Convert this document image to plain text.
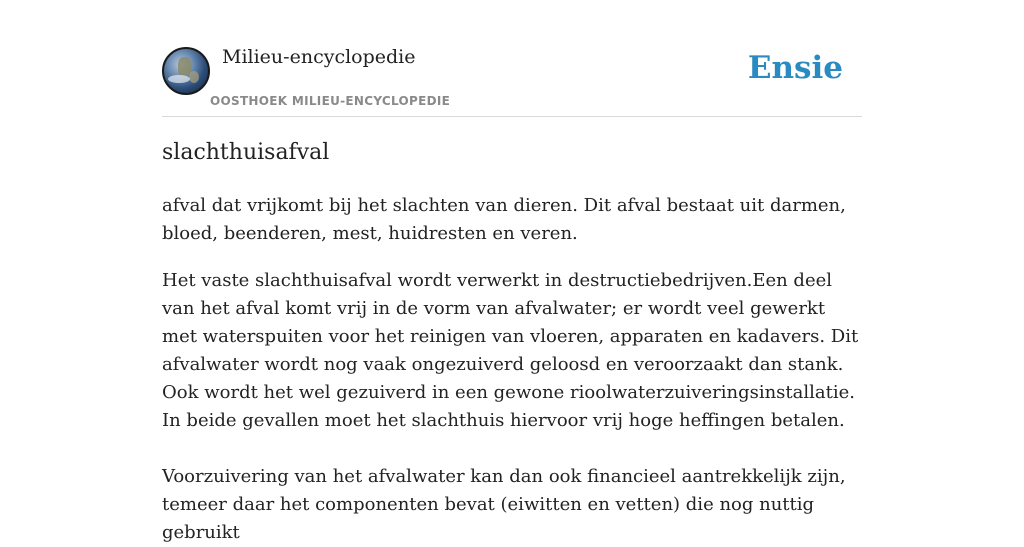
Milieu-encyclopedie
OOSTHOEK MILIEU-ENCYCLOPEDIE
Ensie
slachthuisafval

afval dat vrijkomt bij het slachten van dieren. Dit afval bestaat uit darmen, bloed, beenderen, mest, huidresten en veren.

Het vaste slachthuisafval wordt verwerkt in destructiebedrijven.Een deel van het afval komt vrij in de vorm van afvalwater; er wordt veel gewerkt met waterspuiten voor het reinigen van vloeren, apparaten en kadavers. Dit afvalwater wordt nog vaak ongezuiverd geloosd en veroorzaakt dan stank. Ook wordt het wel gezuiverd in een gewone rioolwaterzuiveringsinstallatie. In beide gevallen moet het slachthuis hiervoor vrij hoge heffingen betalen.

Voorzuivering van het afvalwater kan dan ook financieel aantrekkelijk zijn, temeer daar het componenten bevat (eiwitten en vetten) die nog nuttig gebruikt
